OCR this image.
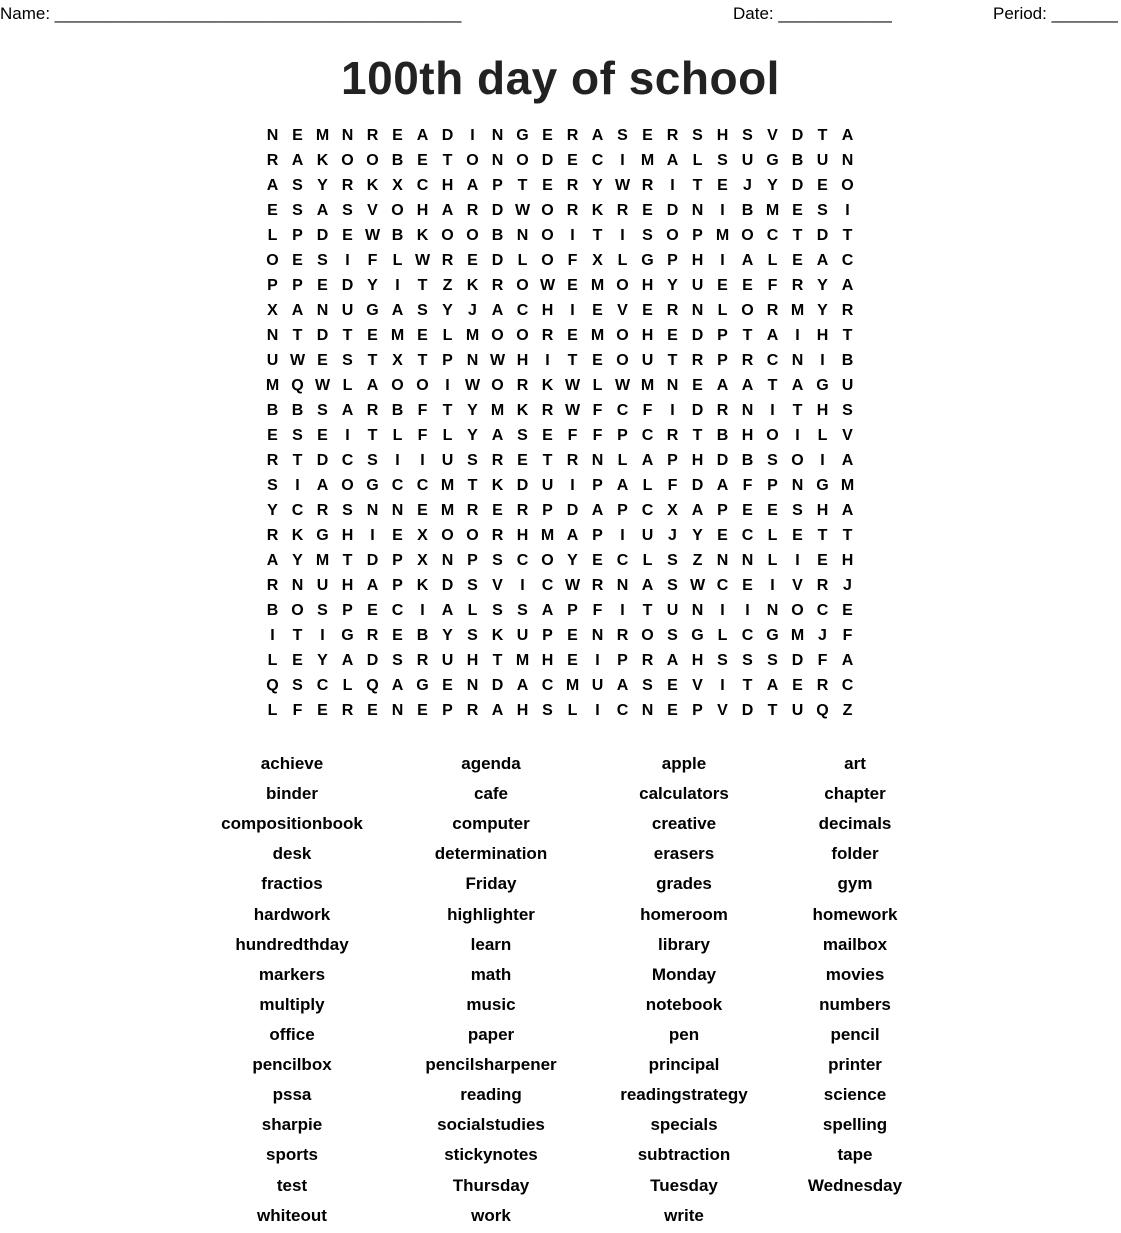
Name: ___________________________________________	Date: ____________	Period: _______
100th day of school
N E M N R E A D	I	N G E R A S E R S H S V D T A
R A K O O B E T O N O D E C	I	M A L S U G B U N
A S Y R K X C H A P T E R Y W R	I	T E J Y D E O
E S A S V O H A R D W O R K R E D N	I	B M E S	I
L P D E W B K O O B N O	I	T	I	S O P M O C T D T
O E S	I	F L W R E D L O F X L G P H	I	A L E A C
P P E D Y	I	T Z K R O W E M O H Y U E E F R Y A
X A N U G A S Y J A C H	I	E V E R N L O R M Y R
N T D T E M E L M O O R E M O H E D P T A	I	H T
U W E S T X T P N W H	I	T E O U T R P R C N	I	B
M Q W L A O O	I W O R K W L W M N E A A T A G U
B B S A R B F T Y M K R W F C F	I	D R N	I	T H S
E S E	I	T L F L Y A S E F F P C R T B H O	I	L V
R T D C S	I	I	U S R E T R N L A P H D B S O	I	A
S	I	A O G C C M T K D U	I	P A L F D A F P N G M
Y C R S N N E M R E R P D A P C X A P E E S H A
R K G H	I	E X O O R H M A P	I	U J Y E C L E T T
A Y M T D P X N P S C O Y E C L S Z N N L	I	E H
R N U H A P K D S V	I	C W R N A S W C E	I	V R J
B O S P E C	I	A L S S A P F	I	T U N	I	I	N O C E
I	T	I	G R E B Y S K U P E N R O S G L C G M J F
L E Y A D S R U H T M H E	I	P R A H S S S D F A
Q S C L Q A G E N D A C M U A S E V	I	T A E R C
L F E R E N E P R A H S L	I	C N E P V D T U Q Z
achieve	agenda	apple	art
binder	cafe	calculators	chapter
compositionbook	computer	creative	decimals
desk	determination	erasers	folder
fractios	Friday	grades	gym
hardwork	highlighter	homeroom	homework
hundredthday	learn	library	mailbox
markers	math	Monday	movies
multiply	music	notebook	numbers
office	paper	pen	pencil
pencilbox	pencilsharpener	principal	printer
pssa	reading	readingstrategy	science
sharpie	socialstudies	specials	spelling
sports	stickynotes	subtraction	tape
test	Thursday	Tuesday	Wednesday
whiteout	work	write
